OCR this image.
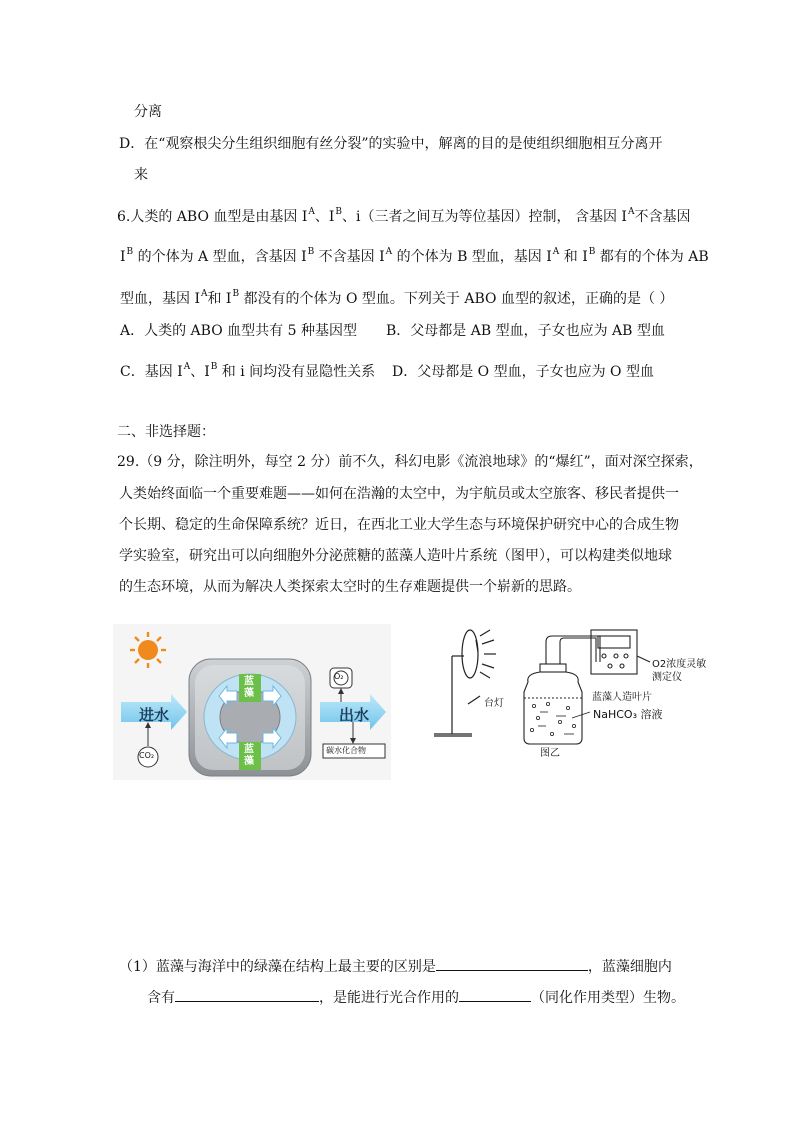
分离
D．在“观察根尖分生组织细胞有丝分裂”的实验中，解离的目的是使组织细胞相互分离开
来
6.人类的 ABO 血型是由基因 $I^A$、$I^B$、i（三者之间互为等位基因）控制， 含基因 $I^A$不含基因
$I^B$ 的个体为 A 型血，含基因 $I^B$ 不含基因 $I^A$ 的个体为 B 型血，基因 $I^A$ 和 $I^B$ 都有的个体为 AB
型血，基因 $I^A$和 $I^B$ 都没有的个体为 O 型血。下列关于 ABO 血型的叙述，正确的是（ ）
A．人类的 ABO 血型共有 5 种基因型 B．父母都是 AB 型血，子女也应为 AB 型血
C．基因 $I^A$、$I^B$ 和 i 间均没有显隐性关系 D．父母都是 O 型血，子女也应为 O 型血
二、非选择题：
29.（9 分，除注明外，每空 2 分）前不久，科幻电影《流浪地球》的“爆红”，面对深空探索，
人类始终面临一个重要难题——如何在浩瀚的太空中，为宇航员或太空旅客、移民者提供一
个长期、稳定的生命保障系统？近日，在西北工业大学生态与环境保护研究中心的合成生物
学实验室，研究出可以向细胞外分泌蔗糖的蓝藻人造叶片系统（图甲），可以构建类似地球
的生态环境，从而为解决人类探索太空时的生存难题提供一个崭新的思路。
进水	出水
CO₂
O₂
蓝藻
蓝藻
碳水化合物
台灯
O2浓度灵敏测定仪
蓝藻人造叶片
NaHCO₃ 溶液
图乙
（1）蓝藻与海洋中的绿藻在结构上最主要的区别是	，蓝藻细胞内
含有	，是能进行光合作用的	（同化作用类型）生物。
